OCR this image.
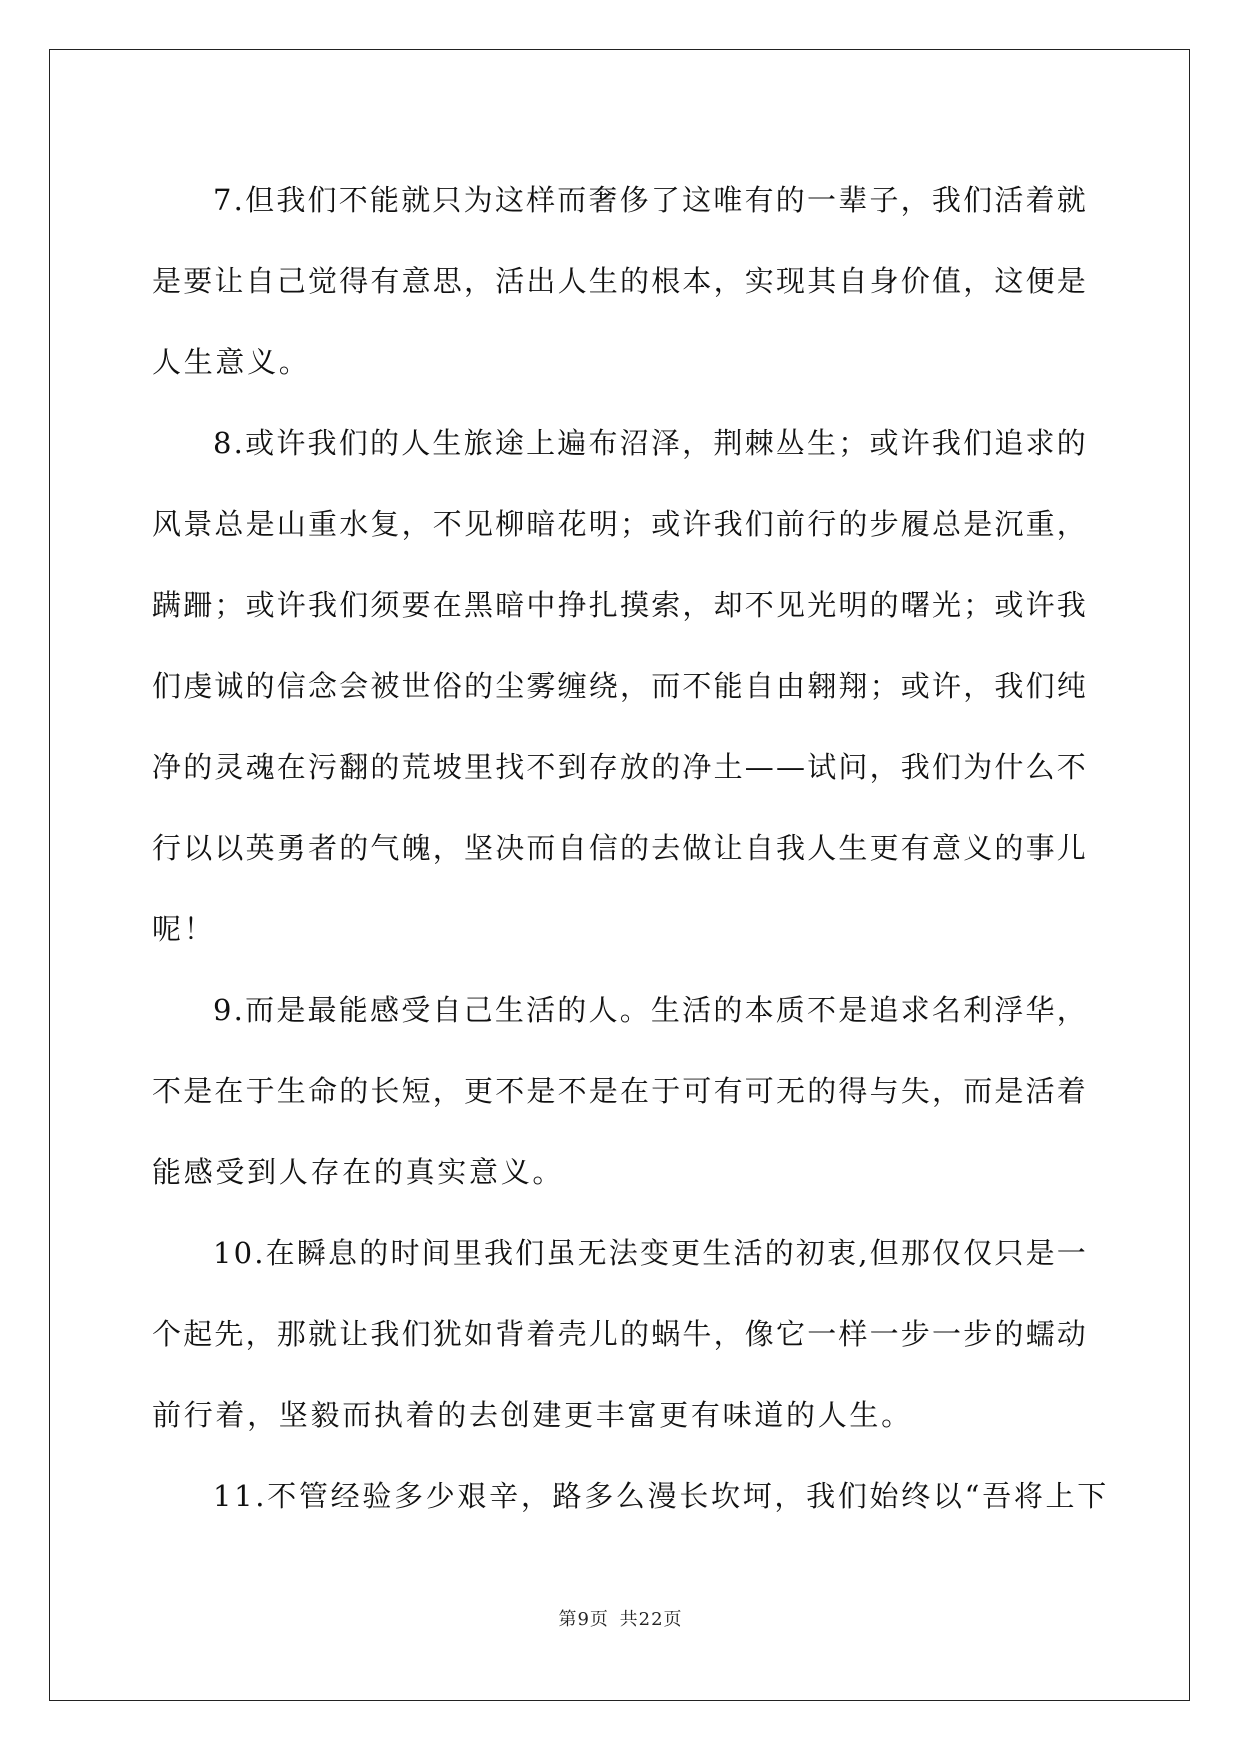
7.但我们不能就只为这样而奢侈了这唯有的一辈子，我们活着就
是要让自己觉得有意思，活出人生的根本，实现其自身价值，这便是
人生意义。
8.或许我们的人生旅途上遍布沼泽，荆棘丛生；或许我们追求的
风景总是山重水复，不见柳暗花明；或许我们前行的步履总是沉重，
蹒跚；或许我们须要在黑暗中挣扎摸索，却不见光明的曙光；或许我
们虔诚的信念会被世俗的尘雾缠绕，而不能自由翱翔；或许，我们纯
净的灵魂在污翻的荒坡里找不到存放的净土——试问，我们为什么不
行以以英勇者的气魄，坚决而自信的去做让自我人生更有意义的事儿
呢！
9.而是最能感受自己生活的人。生活的本质不是追求名利浮华，
不是在于生命的长短，更不是不是在于可有可无的得与失，而是活着
能感受到人存在的真实意义。
10.在瞬息的时间里我们虽无法变更生活的初衷,但那仅仅只是一
个起先，那就让我们犹如背着壳儿的蜗牛，像它一样一步一步的蠕动
前行着，坚毅而执着的去创建更丰富更有味道的人生。
11.不管经验多少艰辛，路多么漫长坎坷，我们始终以“吾将上下
第9页 共22页
